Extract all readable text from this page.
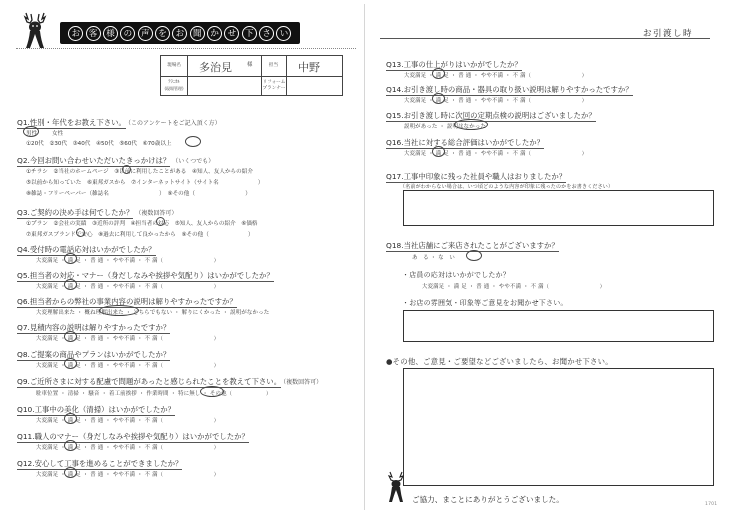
お	客	様	の	声	を	お	聞	か	せ	下	さ	い
現場名	多治見	様	担当	中野
ﾃﾗﾆｶﾙ
(現場管理)
リフォーム
プランナー
Q1.性別・年代をお教え下さい。 （このアンケートをご記入頂く方）
男性	女性
①20代　②30代　③40代　④50代　⑤60代　⑥70歳以上
Q2.今回お問い合わせいただいたきっかけは？ （いくつでも）
①チラシ　②当社のホームページ　③以前に利用したことがある　④知人、友人からの紹介
⑤以前から知っていた　⑥東邦ガスから　⑦インターネットサイト（サイト名　　　　　　　）
⑧雑誌・フリーペーパー（雑誌名　　　　　　　　　）　⑨その他（　　　　　　　　　）
Q3.ご契約の決め手は何でしたか？ （複数回答可）
①プラン　②会社の実績　③近所の評判　④担当者の対応　⑤知人、友人からの紹介　⑥価格
⑦東邦ガスブランドで安心　⑧過去に利用して良かったから　⑨その他（　　　　　　　）
Q4.受付時の電話応対はいかがでしたか？
大変満足 ・ 満 足 ・ 普 通 ・ やや不満 ・ 不 満（　　　　　　　　　）
Q5.担当者の対応・マナー（身だしなみや挨拶や気配り）はいかがでしたか？
大変満足 ・ 満 足 ・ 普 通 ・ やや不満 ・ 不 満（　　　　　　　　　）
Q6.担当者からの弊社の事業内容の説明は解りやすかったですか？
大変理解出来た ・ 概ね理解出来た ・ どちらでもない ・ 解りにくかった ・ 説明がなかった
Q7.見積内容の説明は解りやすかったですか？
大変満足 ・ 満 足 ・ 普 通 ・ やや不満 ・ 不 満（　　　　　　　　　）
Q8.ご提案の商品やプランはいかがでしたか？
大変満足 ・ 満 足 ・ 普 通 ・ やや不満 ・ 不 満（　　　　　　　　　）
Q9.ご近所さまに対する配慮で問題があったと感じられたことを教えて下さい。 （複数回答可）
駐車位置 ・ 清掃 ・ 騒音 ・ 着工前挨拶 ・ 作業時間 ・ 特に無し ・ その他（　　　　　　）
Q10.工事中の美化（清掃）はいかがでしたか？
大変満足 ・ 満 足 ・ 普 通 ・ やや不満 ・ 不 満（　　　　　　　　　）
Q11.職人のマナー（身だしなみや挨拶や気配り）はいかがでしたか？
大変満足 ・ 満 足 ・ 普 通 ・ やや不満 ・ 不 満（　　　　　　　　　）
Q12.安心して工事を進めることができましたか？
大変満足 ・ 満 足 ・ 普 通 ・ やや不満 ・ 不 満（　　　　　　　　　）
お引渡し時
Q13.工事の仕上がりはいかがでしたか？
大変満足 ・ 満 足 ・ 普 通 ・ やや不満 ・ 不 満（　　　　　　　　　）
Q14.お引き渡し時の商品・器具の取り扱い説明は解りやすかったですか？
大変満足 ・ 満 足 ・ 普 通 ・ やや不満 ・ 不 満（　　　　　　　　　）
Q15.お引き渡し時に次回の定期点検の説明はございましたか？
説明があった ・ 説明はなかった
Q16.当社に対する総合評価はいかがでしたか？
大変満足 ・ 満 足 ・ 普 通 ・ やや不満 ・ 不 満（　　　　　　　　　）
Q17.工事中印象に残った社員や職人はおりましたか？
（名前がわからない場合は、いつ頃どのような内容が印象に残ったのかをお書きください）
Q18.当社店舗にご来店されたことがございますか？
あ　る ・ な　い
・店員の応対はいかがでしたか？
大変満足 ・ 満 足 ・ 普 通 ・ やや不満 ・ 不 満（　　　　　　　　　）
・お店の雰囲気・印象等ご意見をお聞かせ下さい。
●その他、ご意見・ご要望などございましたら、お聞かせ下さい。
ご協力、まことにありがとうございました。
1701
